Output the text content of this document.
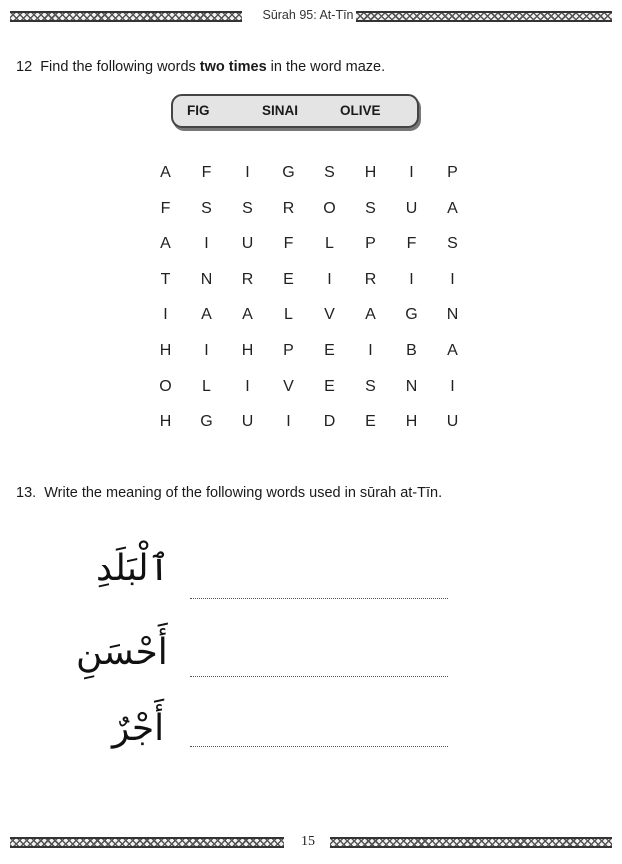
Sūrah 95: At-Tīn
12 Find the following words two times in the word maze.
FIG	SINAI	OLIVE
A	F	I	G	S	H	I	P
F	S	S	R	O	S	U	A
A	I	U	F	L	P	F	S
T	N	R	E	I	R	I	I
I	A	A	L	V	A	G	N
H	I	H	P	E	I	B	A
O	L	I	V	E	S	N	I
H	G	U	I	D	E	H	U
13. Write the meaning of the following words used in sūrah at-Tīn.
ٱلْبَلَدِ
أَحْسَنِ
أَجْرٌ
15
